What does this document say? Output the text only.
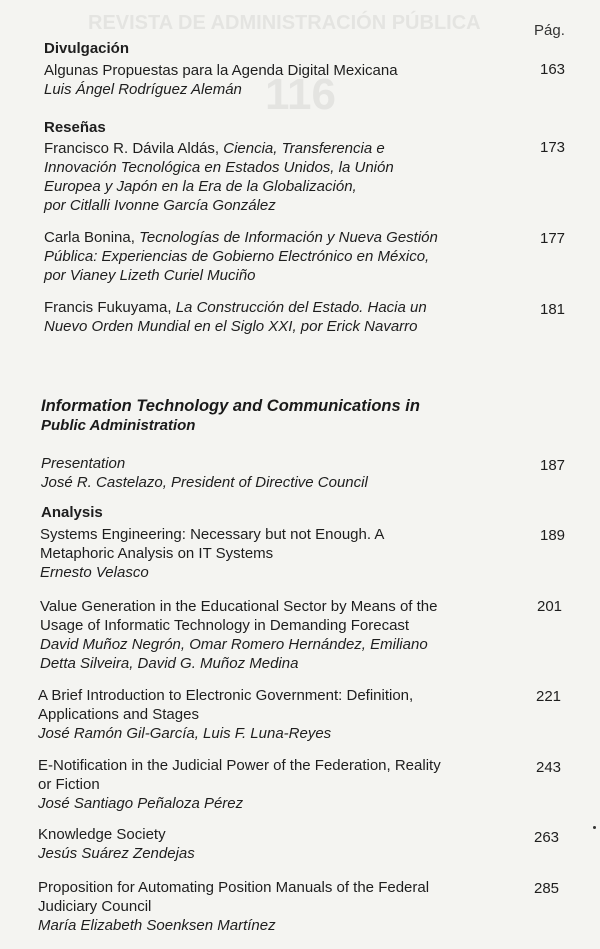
REVISTA DE ADMINISTRACIÓN PÚBLICA
116
Pág.
Divulgación
Algunas Propuestas para la Agenda Digital Mexicana
Luis Ángel Rodríguez Alemán
163
Reseñas
Francisco R. Dávila Aldás, Ciencia, Transferencia e
Innovación Tecnológica en Estados Unidos, la Unión
Europea y Japón en la Era de la Globalización,
por Citlalli Ivonne García González
173
Carla Bonina, Tecnologías de Información y Nueva Gestión
Pública: Experiencias de Gobierno Electrónico en México,
por Vianey Lizeth Curiel Muciño
177
Francis Fukuyama, La Construcción del Estado. Hacia un
Nuevo Orden Mundial en el Siglo XXI, por Erick Navarro
181
Information Technology and Communications in
Public Administration
Presentation
José R. Castelazo, President of Directive Council
187
Analysis
Systems Engineering: Necessary but not Enough. A
Metaphoric Analysis on IT Systems
Ernesto Velasco
189
Value Generation in the Educational Sector by Means of the
Usage of Informatic Technology in Demanding Forecast
David Muñoz Negrón, Omar Romero Hernández, Emiliano
Detta Silveira, David G. Muñoz Medina
201
A Brief Introduction to Electronic Government: Definition,
Applications and Stages
José Ramón Gil-García, Luis F. Luna-Reyes
221
E-Notification in the Judicial Power of the Federation, Reality
or Fiction
José Santiago Peñaloza Pérez
243
Knowledge Society
Jesús Suárez Zendejas
263
Proposition for Automating Position Manuals of the Federal
Judiciary Council
María Elizabeth Soenksen Martínez
285
